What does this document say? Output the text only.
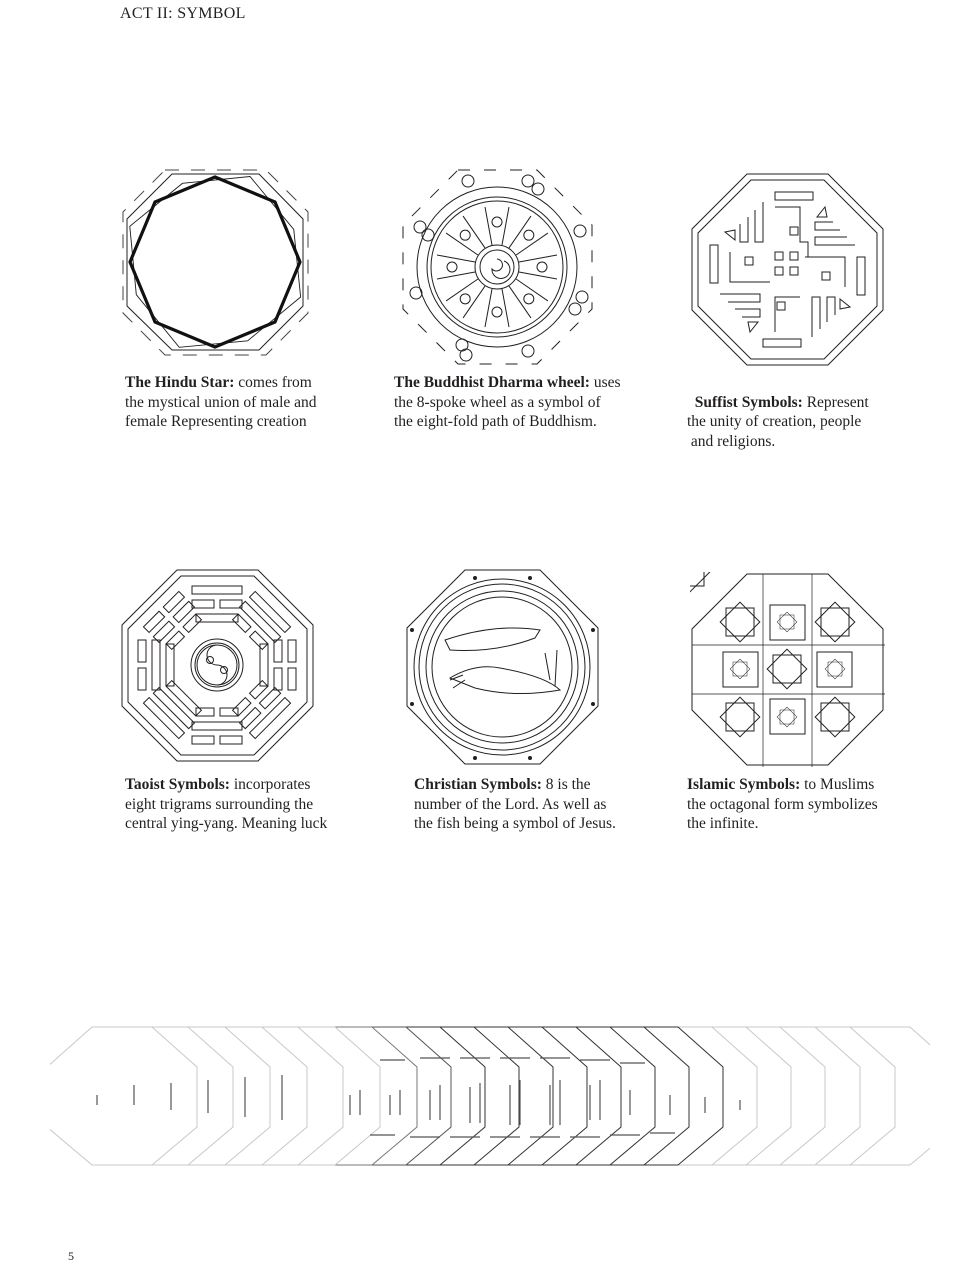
ACT II: SYMBOL
The Hindu Star: comes from
the mystical union of male and
female Representing creation
The Buddhist Dharma wheel: uses
the 8-spoke wheel as a symbol of
the eight-fold path of Buddhism.

Suffist Symbols: Represent
the unity of creation, people
and religions.

Taoist Symbols: incorporates
eight trigrams surrounding the
central ying-yang. Meaning luck
Christian Symbols: 8 is the
number of the Lord. As well as
the fish being a symbol of Jesus.
Islamic Symbols: to Muslims
the octagonal form symbolizes
the infinite.
5
